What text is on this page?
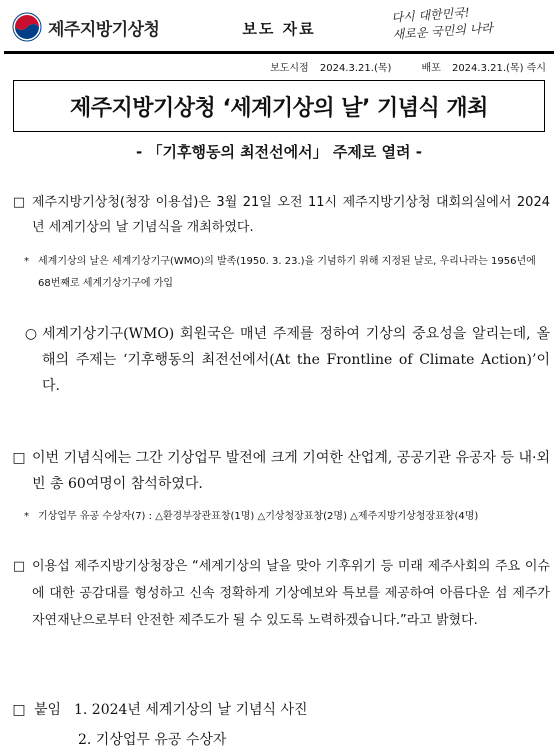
제주지방기상청	보도 자료
다시 대한민국!
새로운 국민의 나라
보도시점 2024.3.21.(목)	배포 2024.3.21.(목) 즉시
제주지방기상청 ‘세계기상의 날’ 기념식 개최
- 「기후행동의 최전선에서」 주제로 열려 -
□ 제주지방기상청(청장 이용섭)은 3월 21일 오전 11시 제주지방기상청 대회의실에서 2024년 세계기상의 날 기념식을 개최하였다.
* 세계기상의 날은 세계기상기구(WMO)의 발족(1950. 3. 23.)을 기념하기 위해 지정된 날로, 우리나라는 1956년에 68번째로 세계기상기구에 가입
○ 세계기상기구(WMO) 회원국은 매년 주제를 정하여 기상의 중요성을 알리는데, 올해의 주제는 ‘기후행동의 최전선에서(At the Frontline of Climate Action)’이다.
□ 이번 기념식에는 그간 기상업무 발전에 크게 기여한 산업계, 공공기관 유공자 등 내·외빈 총 60여명이 참석하였다.
* 기상업무 유공 수상자(7) : △환경부장관표창(1명) △기상청장표창(2명) △제주지방기상청장표창(4명)
□ 이용섭 제주지방기상청장은 “세계기상의 날을 맞아 기후위기 등 미래 제주사회의 주요 이슈에 대한 공감대를 형성하고 신속 정확하게 기상예보와 특보를 제공하여 아름다운 섬 제주가 자연재난으로부터 안전한 제주도가 될 수 있도록 노력하겠습니다.”라고 밝혔다.
□ 붙임 1. 2024년 세계기상의 날 기념식 사진
2. 기상업무 유공 수상자
